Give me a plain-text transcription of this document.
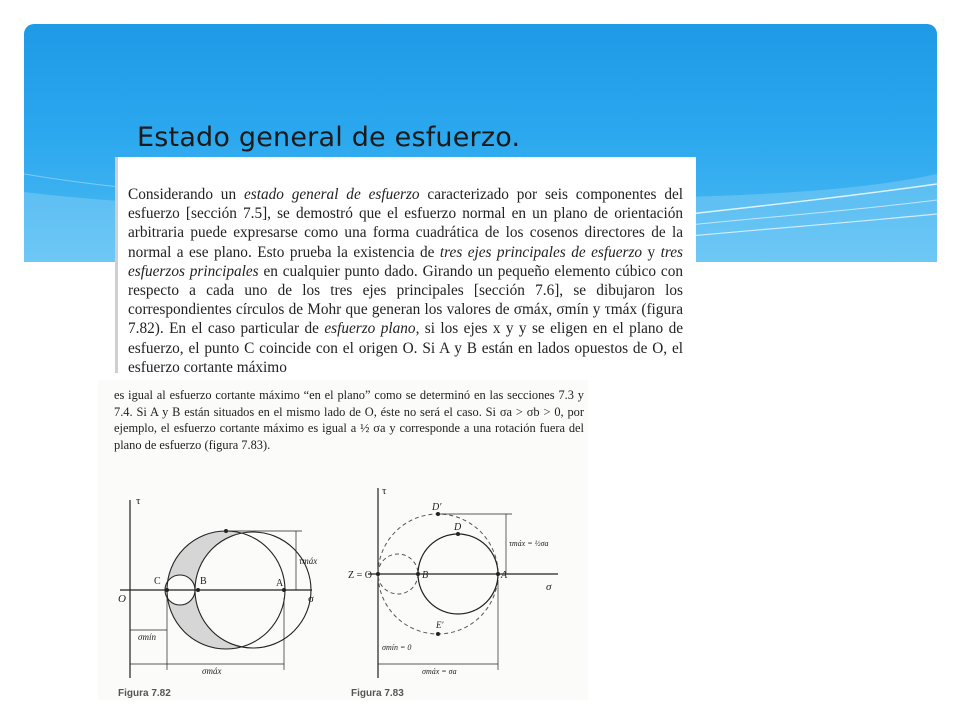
Estado general de esfuerzo.

Considerando un estado general de esfuerzo caracterizado por seis componentes del esfuerzo [sección 7.5], se demostró que el esfuerzo normal en un plano de orientación arbitraria puede expresarse como una forma cuadrática de los cosenos directores de la normal a ese plano. Esto prueba la existencia de tres ejes principales de esfuerzo y tres esfuerzos principales en cualquier punto dado. Girando un pequeño elemento cúbico con respecto a cada uno de los tres ejes principales [sección 7.6], se dibujaron los correspondientes círculos de Mohr que generan los valores de σmáx, σmín y τmáx (figura 7.82). En el caso particular de esfuerzo plano, si los ejes x y y se eligen en el plano de esfuerzo, el punto C coincide con el origen O. Si A y B están en lados opuestos de O, el esfuerzo cortante máximo

es igual al esfuerzo cortante máximo “en el plano” como se determinó en las secciones 7.3 y 7.4. Si A y B están situados en el mismo lado de O, éste no será el caso. Si σa > σb > 0, por ejemplo, el esfuerzo cortante máximo es igual a ½ σa y corresponde a una rotación fuera del plano de esfuerzo (figura 7.83).

τ
O	σ
C	B	A
τmáx
σmín
σmáx
τ
Z = O	B	A
σ
D′
D
E′
τmáx = ½σa
σmín = 0
σmáx = σa
Figura 7.82	Figura 7.83
